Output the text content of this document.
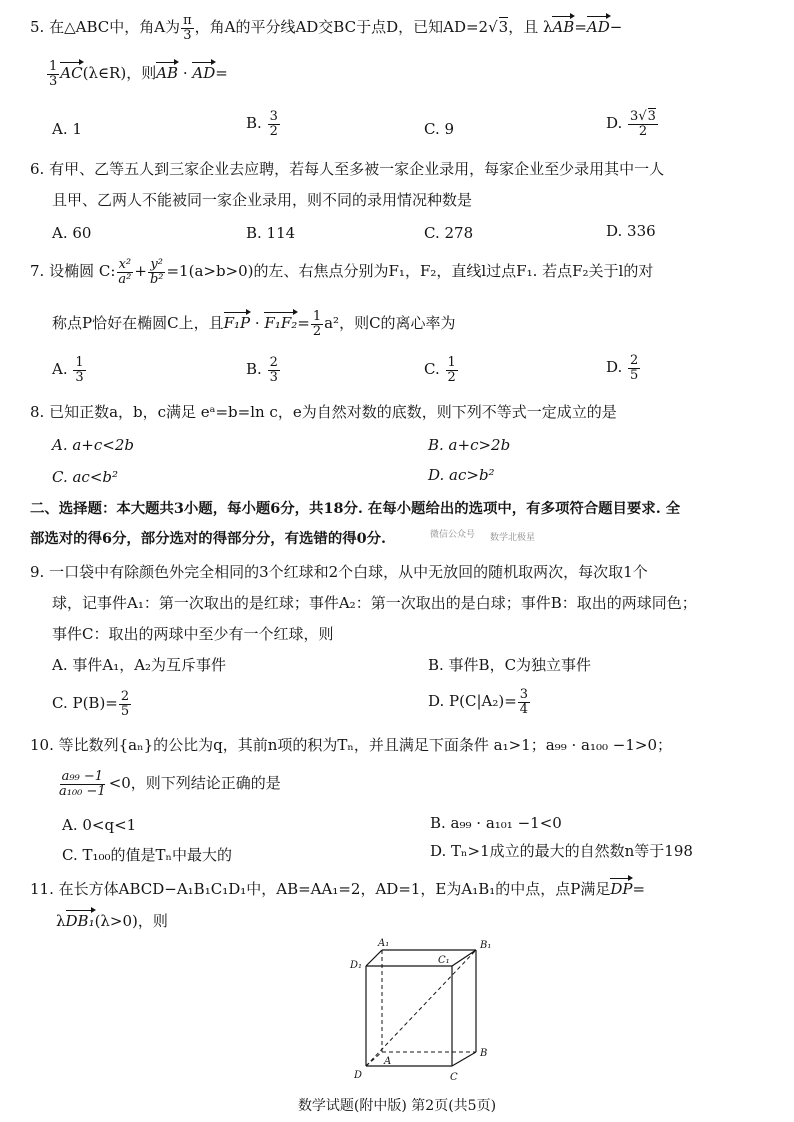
5. 在△ABC中，角A为 $\frac{\pi}{3}$ ，角A的平分线AD交BC于点D，已知AD=2√3，且 λAB=AD−
$\frac{1}{3}$ AC(λ∈R)，则AB · AD=
A. 1	B. $\frac{3}{2}$	C. 9	D. $\frac{3√3}{2}$
6. 有甲、乙等五人到三家企业去应聘，若每人至多被一家企业录用，每家企业至少录用其中一人
且甲、乙两人不能被同一家企业录用，则不同的录用情况种数是
A. 60	B. 114	C. 278	D. 336
7. 设椭圆 C: $\frac{\text{x²}}{\text{a²}} + \frac{\text{y²}}{\text{b²}} =1(a>b>0)$的左、右焦点分别为F₁，F₂，直线l过点F₁. 若点F₂关于l的对
称点P恰好在椭圆C上，且$F_1P \cdot F_1F_2= \frac{1}{2} a^2$，则C的离心率为
A. $\frac{1}{3}$	B. $\frac{2}{3}$	C. $\frac{1}{2}$	D. $\frac{2}{5}$
8. 已知正数a，b，c满足 eᵃ=b=ln c，e为自然对数的底数，则下列不等式一定成立的是
A. a+c<2b	B. a+c>2b
C. ac<b²	D. ac>b²
二、选择题：本大题共3小题，每小题6分，共18分. 在每小题给出的选项中，有多项符合题目要求. 全
部选对的得6分，部分选对的得部分分，有选错的得0分.	微信公众号 数学北极星
9. 一口袋中有除颜色外完全相同的3个红球和2个白球，从中无放回的随机取两次，每次取1个
球，记事件A₁：第一次取出的是红球；事件A₂：第一次取出的是白球；事件B：取出的两球同色；
事件C：取出的两球中至少有一个红球，则
A. 事件A₁，A₂为互斥事件	B. 事件B，C为独立事件
C. $P(B)= \frac{2}{5}$	D. $P(C|A_2)= \frac{3}{4}$
10. 等比数列{aₙ}的公比为q，其前n项的积为Tₙ，并且满足下面条件 a₁>1；a₉₉ · a₁₀₀ −1>0；
$\frac{\text{a₉₉ −1}}{\text{a₁₀₀ −1}} <0$，则下列结论正确的是
A. 0<q<1	B. a₉₉ · a₁₀₁ −1<0
C. T₁₀₀的值是Tₙ中最大的	D. Tₙ>1成立的最大的自然数n等于198
11. 在长方体ABCD−A₁B₁C₁D₁中，AB=AA₁=2，AD=1，E为A₁B₁的中点，点P满足DP=
λDB₁(λ>0)，则
A₁	B₁
C₁
D₁
A
B
C
D
数学试题(附中版) 第2页(共5页)
